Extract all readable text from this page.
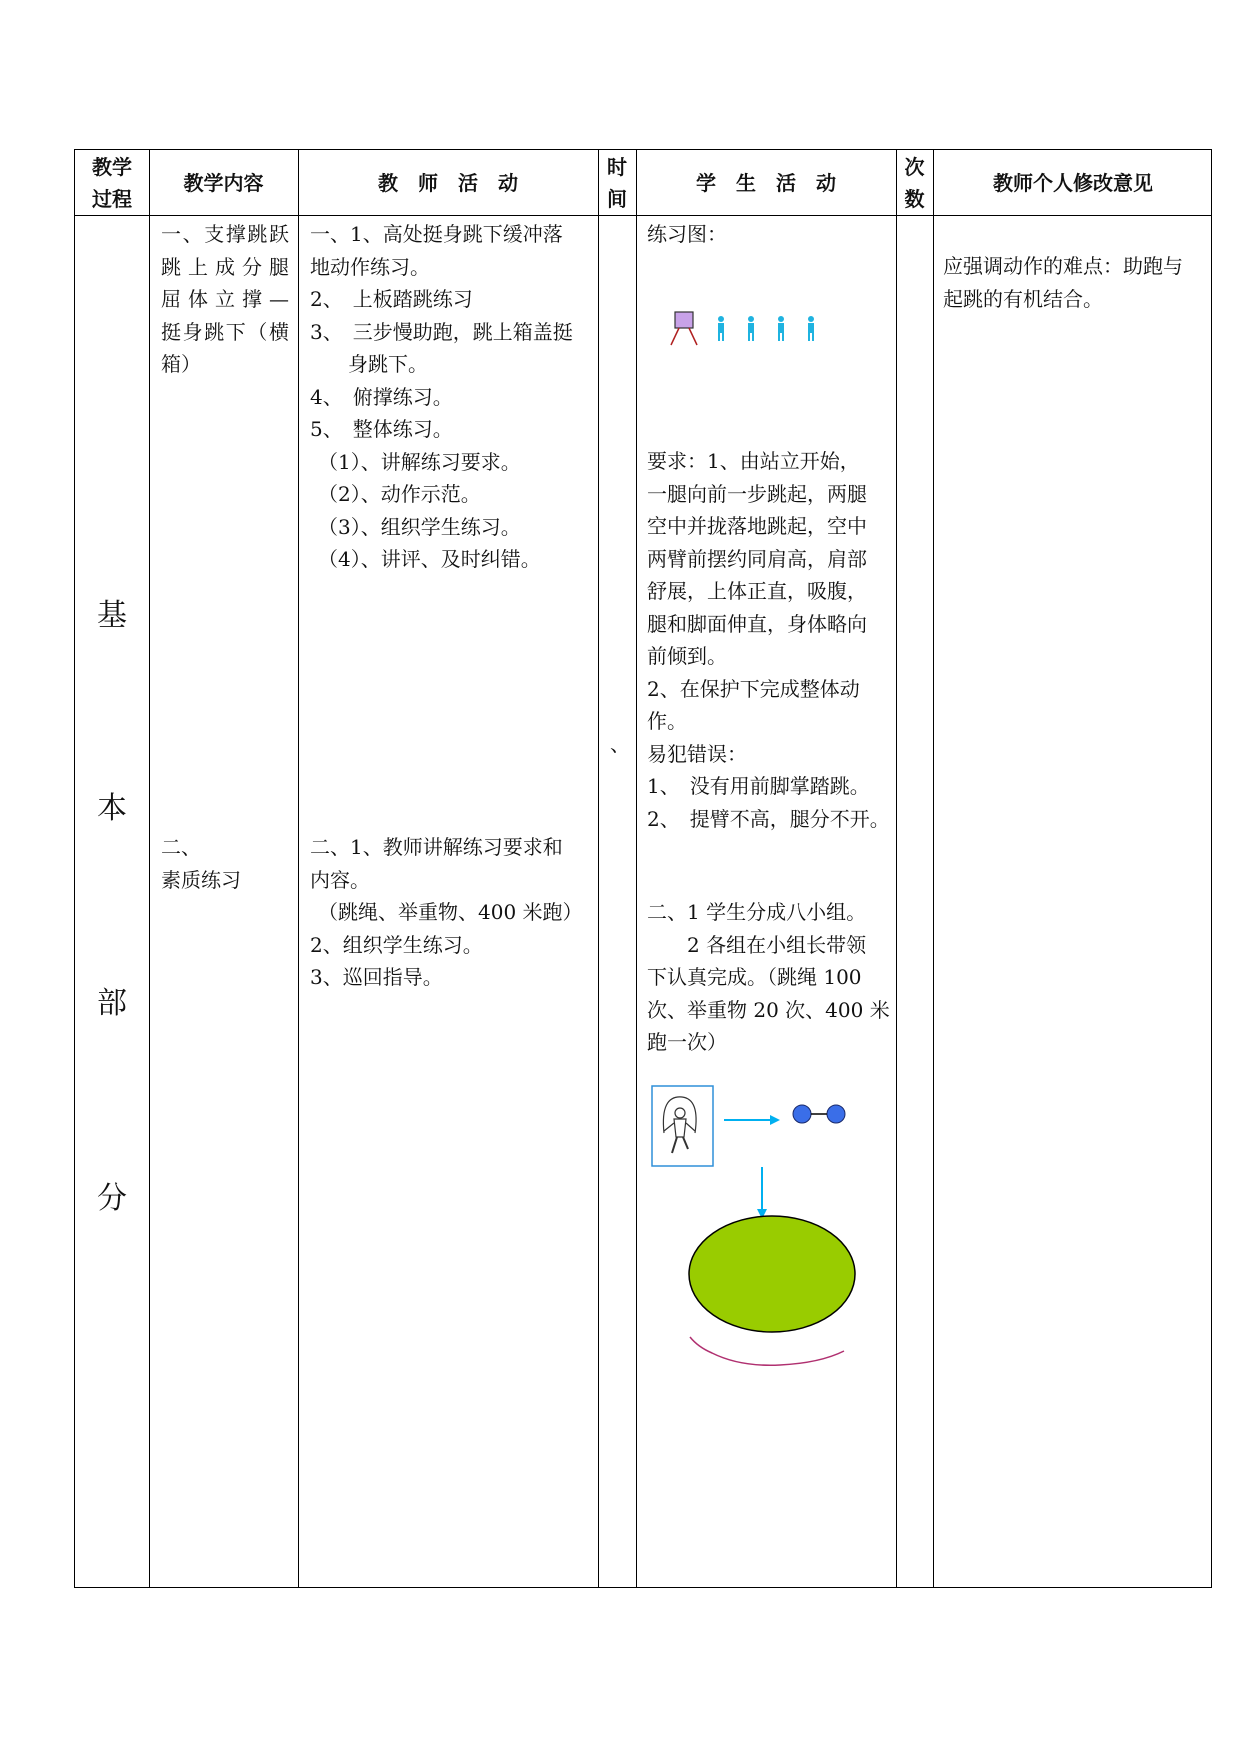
教学
过程
教学内容	教　师　活　动
时
间
学　生　活　动
次
数
教师个人修改意见
基
本
部
分
一、支撑跳跃
跳上成分腿
屈体立撑—
挺身跳下（横
箱）
二、
素质练习
一、1、高处挺身跳下缓冲落
地动作练习。
2、　上板踏跳练习
3、　三步慢助跑，跳上箱盖挺
身跳下。
4、　俯撑练习。
5、　整体练习。
（1）、讲解练习要求。
（2）、动作示范。
（3）、组织学生练习。
（4）、讲评、及时纠错。
二、1、教师讲解练习要求和
内容。
（跳绳、举重物、400 米跑）
2、组织学生练习。
3、巡回指导。
、
练习图：
要求：1、由站立开始，
一腿向前一步跳起，两腿
空中并拢落地跳起，空中
两臂前摆约同肩高，肩部
舒展，上体正直，吸腹，
腿和脚面伸直，身体略向
前倾到。
2、在保护下完成整体动
作。
易犯错误：
1、　没有用前脚掌踏跳。
2、　提臂不高，腿分不开。
二、1 学生分成八小组。
　　2 各组在小组长带领
下认真完成。（跳绳 100
次、举重物 20 次、400 米
跑一次）
应强调动作的难点：助跑与
起跳的有机结合。
